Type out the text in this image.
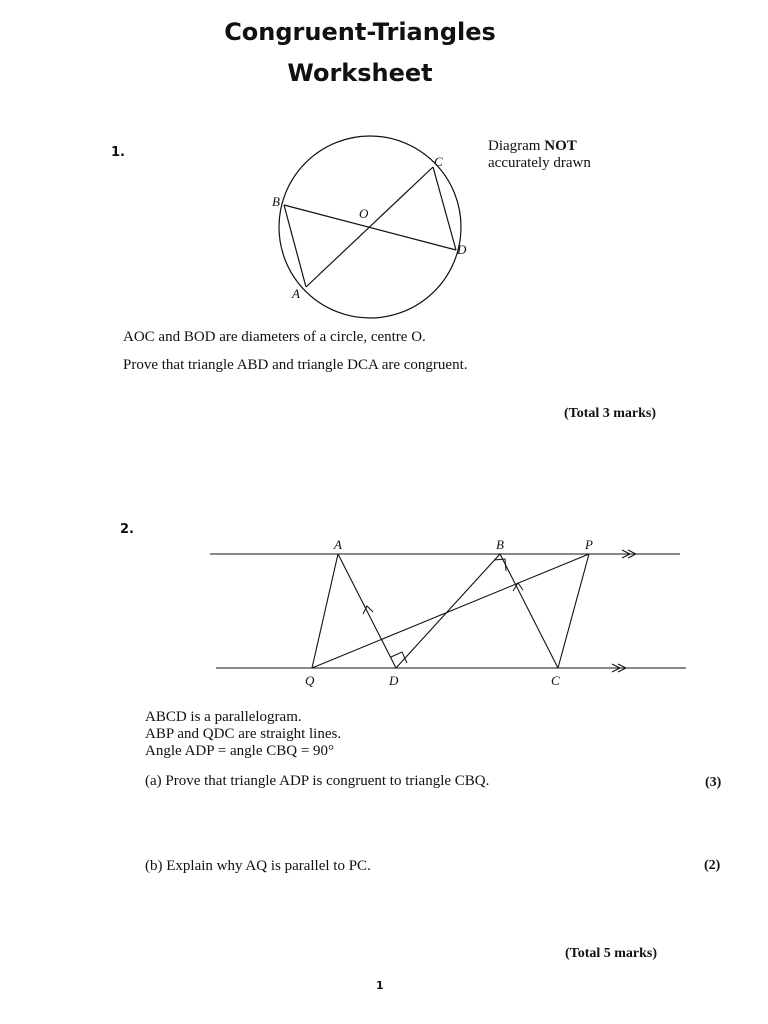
Congruent-Triangles
Worksheet
1.	Diagram NOT
accurately drawn
A
B
C
D
O
AOC and BOD are diameters of a circle, centre O.
Prove that triangle ABD and triangle DCA are congruent.
(Total 3 marks)
2.
A	B	P
Q	D	C
ABCD is a parallelogram.
ABP and QDC are straight lines.
Angle ADP = angle CBQ = 90°
(a) Prove that triangle ADP is congruent to triangle CBQ.	(3)
(b) Explain why AQ is parallel to PC.	(2)
(Total 5 marks)
1
